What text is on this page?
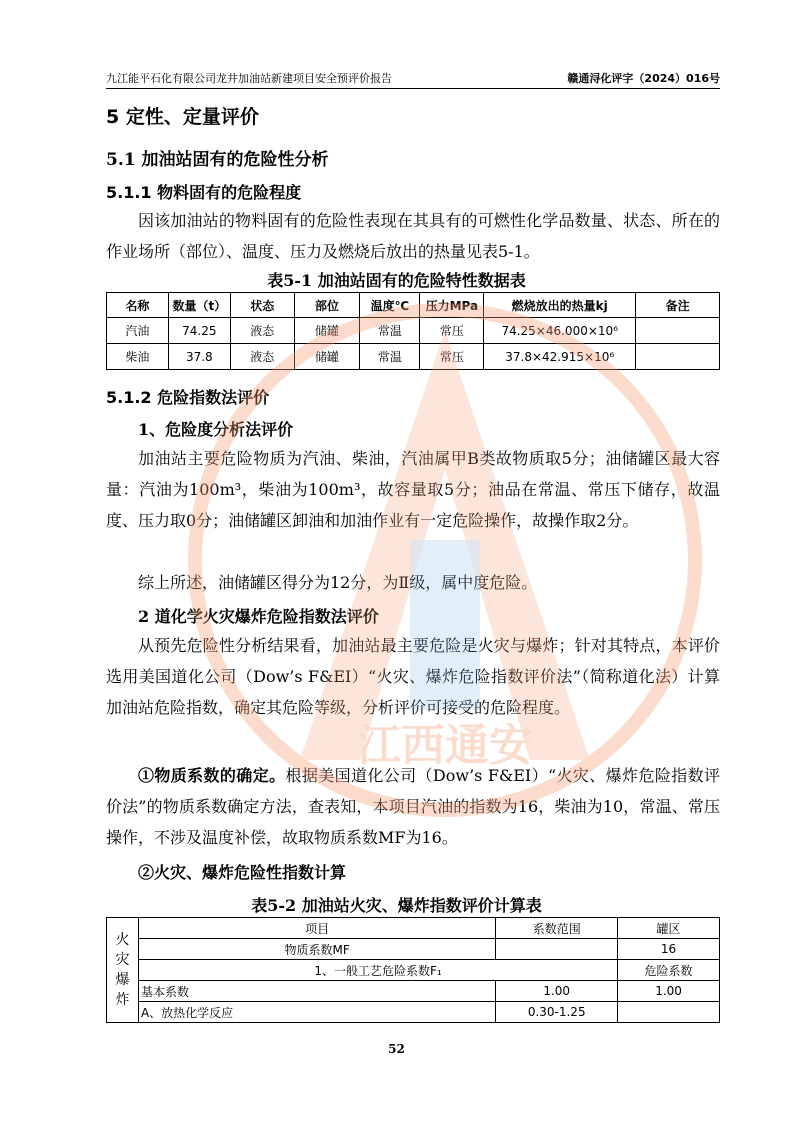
九江能平石化有限公司龙井加油站新建项目安全预评价报告	赣通浔化评字（2024）016号
5 定性、定量评价
5.1 加油站固有的危险性分析
5.1.1 物料固有的危险程度
因该加油站的物料固有的危险性表现在其具有的可燃性化学品数量、状态、所在的作业场所（部位）、温度、压力及燃烧后放出的热量见表5-1。
表5-1 加油站固有的危险特性数据表
名称	数量（t）	状态	部位	温度℃	压力MPa	燃烧放出的热量kj	备注
汽油	74.25	液态	储罐	常温	常压	74.25×46.000×10⁶	
柴油	37.8	液态	储罐	常温	常压	37.8×42.915×10⁶	
5.1.2 危险指数法评价
1、危险度分析法评价
加油站主要危险物质为汽油、柴油，汽油属甲B类故物质取5分；油储罐区最大容量：汽油为100m³，柴油为100m³，故容量取5分；油品在常温、常压下储存，故温度、压力取0分；油储罐区卸油和加油作业有一定危险操作，故操作取2分。
综上所述，油储罐区得分为12分，为Ⅱ级，属中度危险。
2 道化学火灾爆炸危险指数法评价
从预先危险性分析结果看，加油站最主要危险是火灾与爆炸；针对其特点，本评价选用美国道化公司（Dow’s F&EI）“火灾、爆炸危险指数评价法”（简称道化法）计算加油站危险指数，确定其危险等级，分析评价可接受的危险程度。
①物质系数的确定。根据美国道化公司（Dow’s F&EI）“火灾、爆炸危险指数评价法”的物质系数确定方法，查表知，本项目汽油的指数为16，柴油为10，常温、常压操作，不涉及温度补偿，故取物质系数MF为16。
②火灾、爆炸危险性指数计算
表5-2 加油站火灾、爆炸指数评价计算表
火
灾
爆
炸	项目	系数范围	罐区
	物质系数MF		16
	1、一般工艺危险系数F₁		危险系数
	基本系数	1.00	1.00
	A、放热化学反应	0.30-1.25	
52
江西通安
